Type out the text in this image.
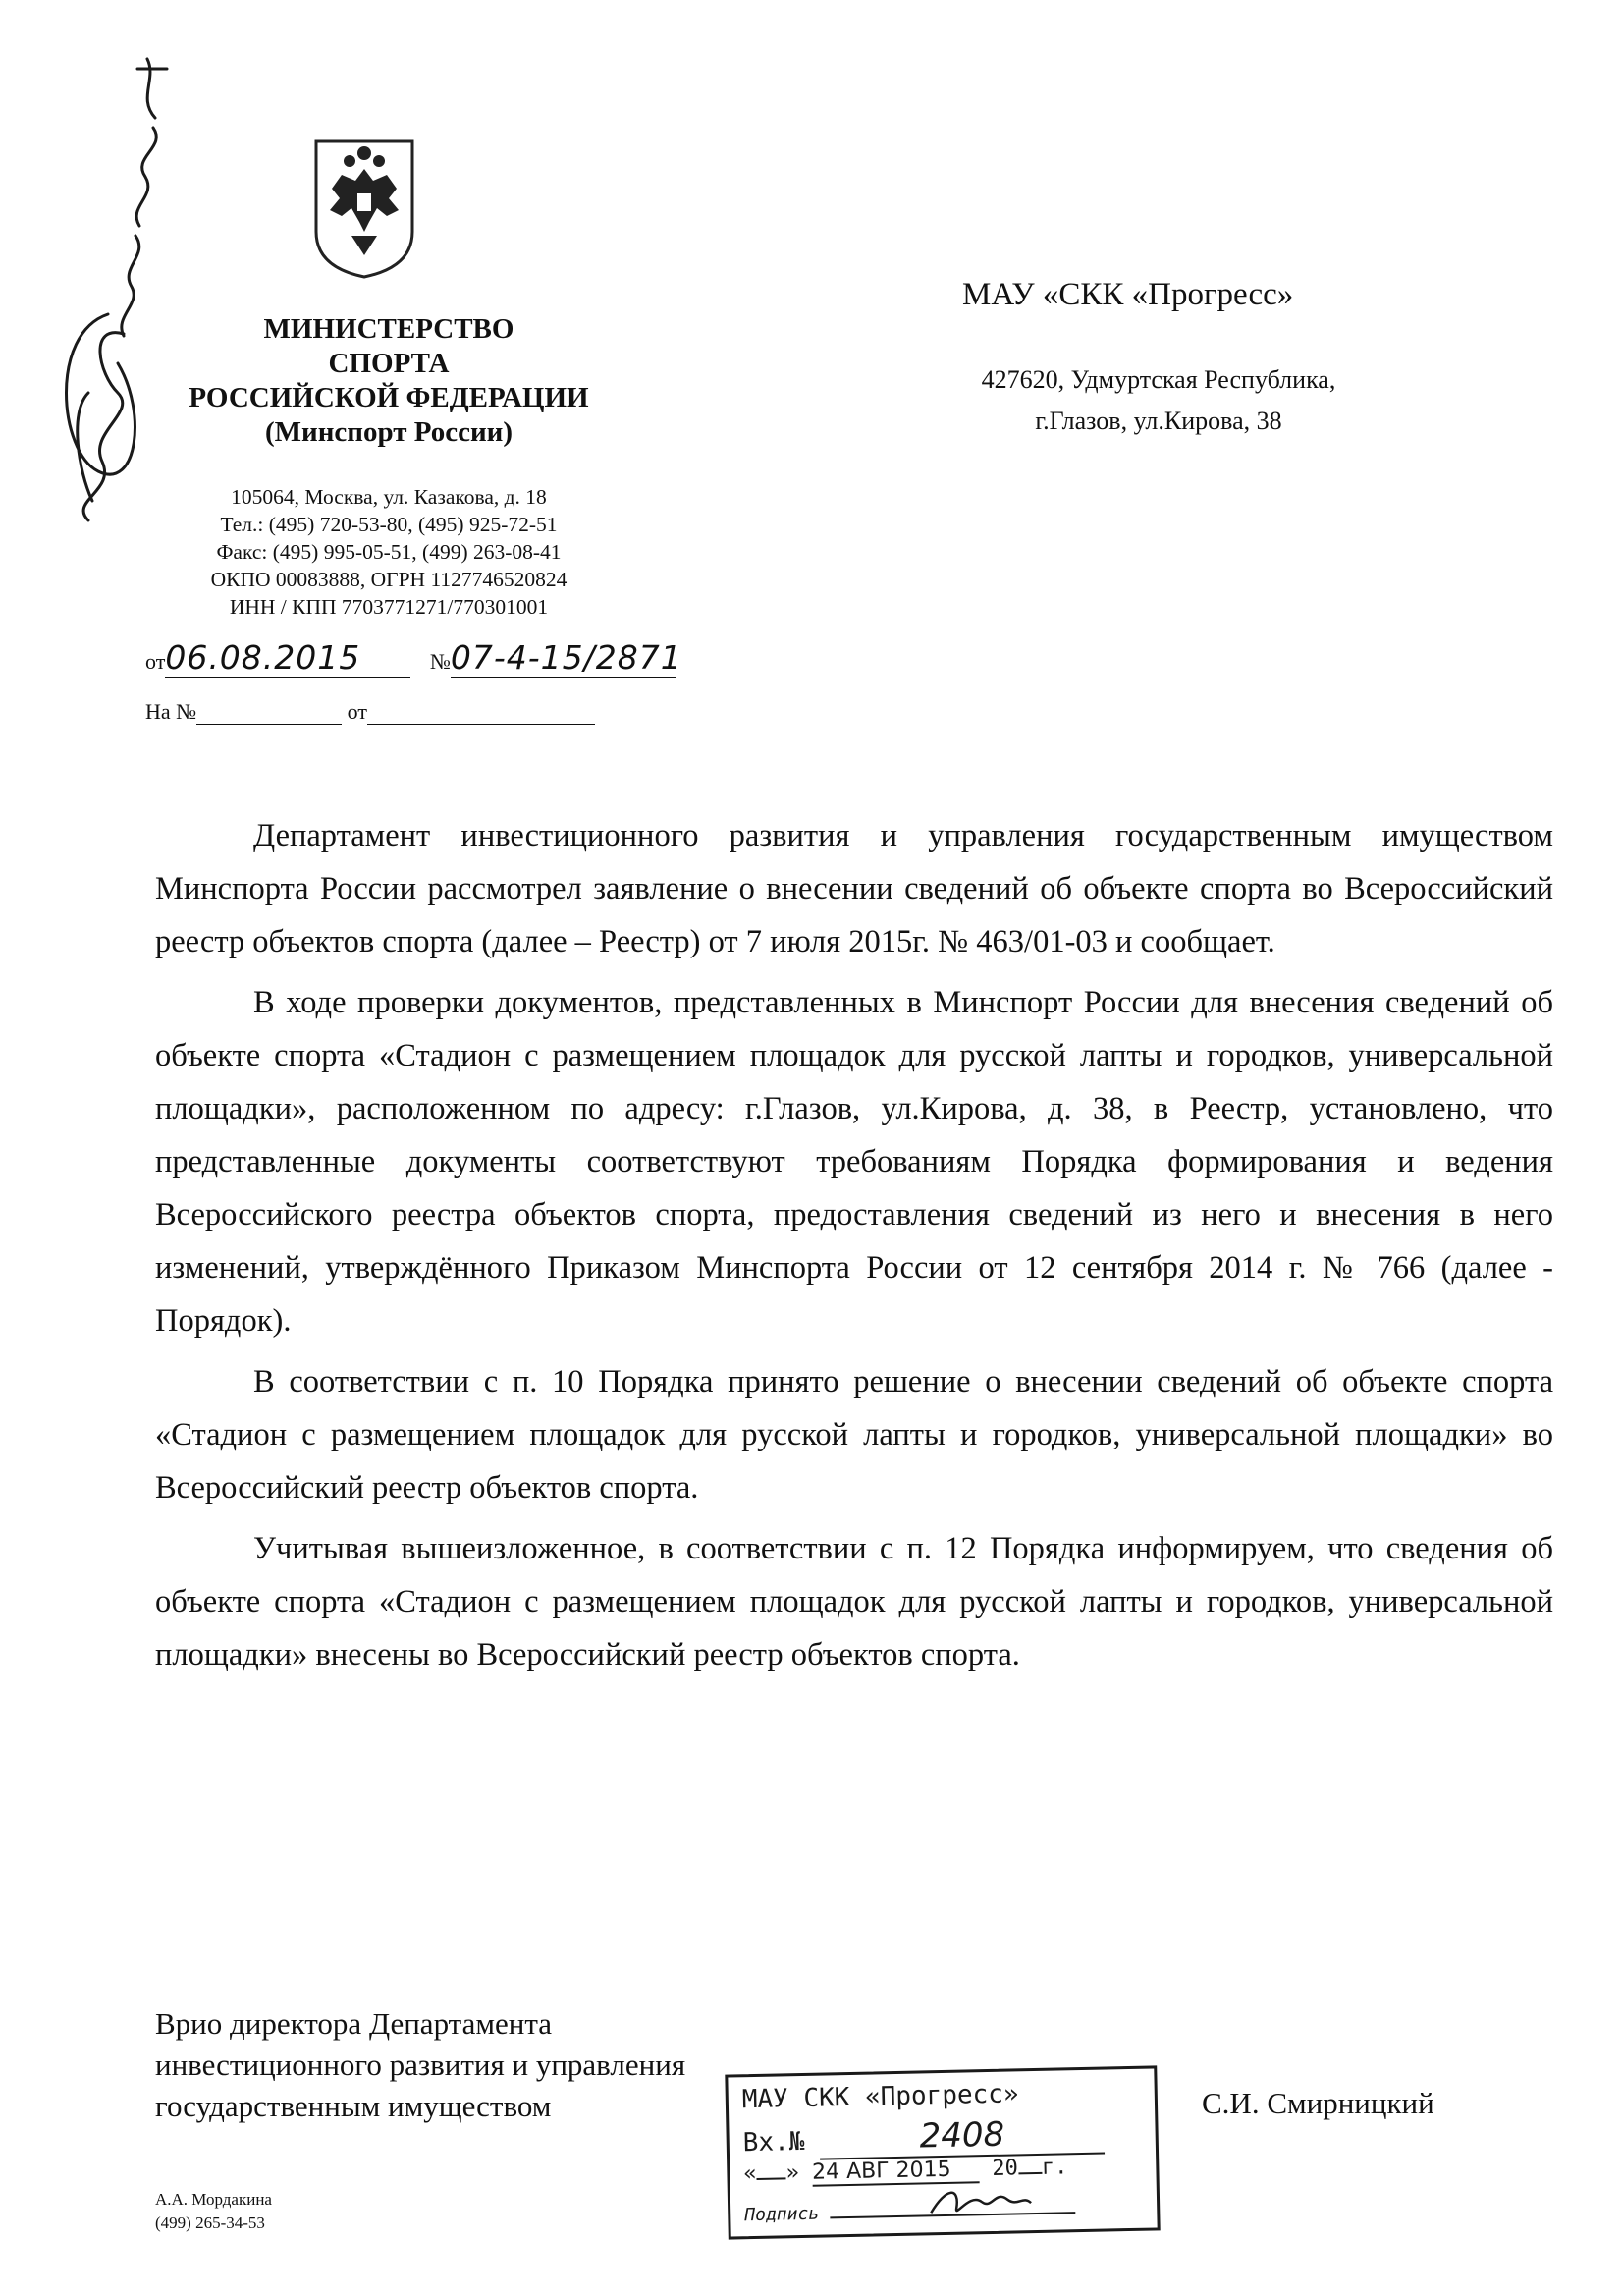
МИНИСТЕРСТВО
СПОРТА
РОССИЙСКОЙ ФЕДЕРАЦИИ
(Минспорт России)
105064, Москва, ул. Казакова, д. 18
Тел.: (495) 720-53-80, (495) 925-72-51
Факс: (495) 995-05-51, (499) 263-08-41
ОКПО 00083888, ОГРН 1127746520824
ИНН / КПП 7703771271/770301001
от06.08.2015	№07-4-15/2871
На №	от
МАУ «СКК «Прогресс»
427620, Удмуртская Республика,
г.Глазов, ул.Кирова, 38

Департамент инвестиционного развития и управления государственным имуществом Минспорта России рассмотрел заявление о внесении сведений об объекте спорта во Всероссийский реестр объектов спорта (далее – Реестр) от 7 июля 2015г. № 463/01-03 и сообщает.

В ходе проверки документов, представленных в Минспорт России для внесения сведений об объекте спорта «Стадион с размещением площадок для русской лапты и городков, универсальной площадки», расположенном по адресу: г.Глазов, ул.Кирова, д. 38, в Реестр, установлено, что представленные документы соответствуют требованиям Порядка формирования и ведения Всероссийского реестра объектов спорта, предоставления сведений из него и внесения в него изменений, утверждённого Приказом Минспорта России от 12 сентября 2014 г. № 766 (далее - Порядок).

В соответствии с п. 10 Порядка принято решение о внесении сведений об объекте спорта «Стадион с размещением площадок для русской лапты и городков, универсальной площадки» во Всероссийский реестр объектов спорта.

Учитывая вышеизложенное, в соответствии с п. 12 Порядка информируем, что сведения об объекте спорта «Стадион с размещением площадок для русской лапты и городков, универсальной площадки» внесены во Всероссийский реестр объектов спорта.

Врио директора Департамента
инвестиционного развития и управления
государственным имуществом	С.И. Смирницкий
А.А. Мордакина
(499) 265-34-53
МАУ СКК «Прогресс»
Вх.№	2408
« » 24 АВГ 2015 20 г.
Подпись
